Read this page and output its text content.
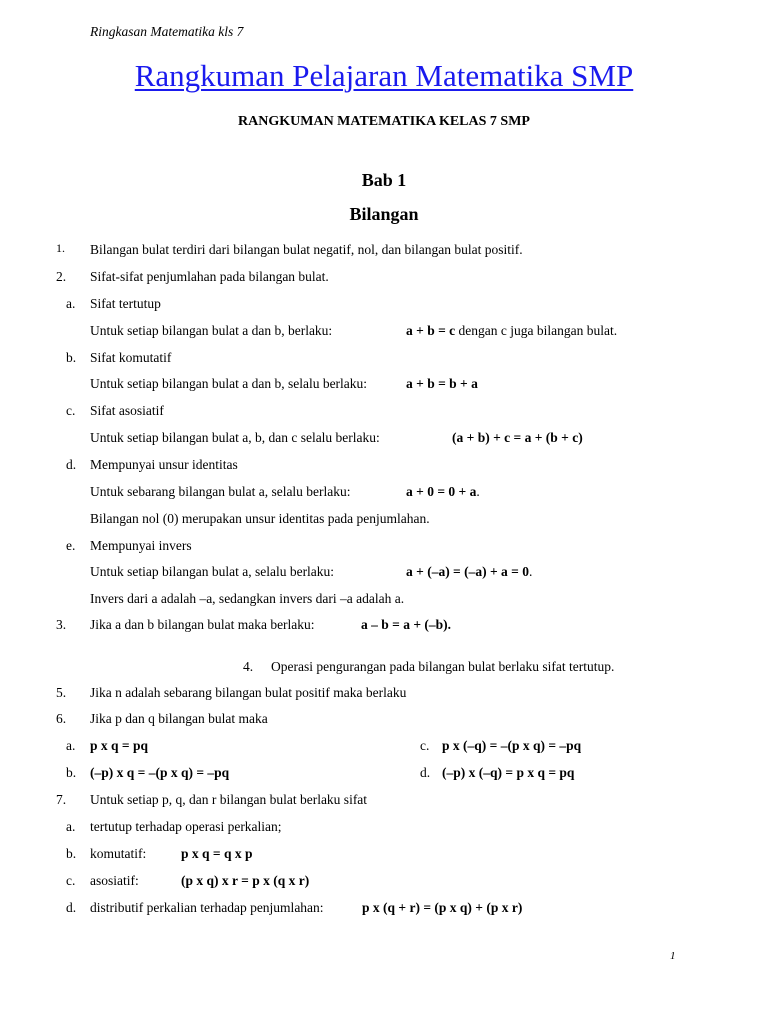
Ringkasan Matematika kls 7
Rangkuman Pelajaran Matematika SMP
RANGKUMAN MATEMATIKA KELAS 7 SMP
Bab 1
Bilangan
1. Bilangan bulat terdiri dari bilangan bulat negatif, nol, dan bilangan bulat positif.
2. Sifat-sifat penjumlahan pada bilangan bulat.
a. Sifat tertutup
Untuk setiap bilangan bulat a dan b, berlaku:	a + b = c dengan c juga bilangan bulat.
b. Sifat komutatif
Untuk setiap bilangan bulat a dan b, selalu berlaku:	a + b = b + a
c. Sifat asosiatif
Untuk setiap bilangan bulat a, b, dan c selalu berlaku:	(a + b) + c = a + (b + c)
d. Mempunyai unsur identitas
Untuk sebarang bilangan bulat a, selalu berlaku:	a + 0 = 0 + a.
Bilangan nol (0) merupakan unsur identitas pada penjumlahan.
e. Mempunyai invers
Untuk setiap bilangan bulat a, selalu berlaku:	a + (–a) = (–a) + a = 0.
Invers dari a adalah –a, sedangkan invers dari –a adalah a.
3. Jika a dan b bilangan bulat maka berlaku:	a – b = a + (–b).
4. Operasi pengurangan pada bilangan bulat berlaku sifat tertutup.
5. Jika n adalah sebarang bilangan bulat positif maka berlaku
6. Jika p dan q bilangan bulat maka
a. p x q = pq	c. p x (–q) = –(p x q) = –pq
b. (–p) x q = –(p x q) = –pq	d. (–p) x (–q) = p x q = pq
7. Untuk setiap p, q, dan r bilangan bulat berlaku sifat
a. tertutup terhadap operasi perkalian;
b. komutatif:	p x q = q x p
c. asosiatif:	(p x q) x r = p x (q x r)
d. distributif perkalian terhadap penjumlahan:	p x (q + r) = (p x q) + (p x r)
1
